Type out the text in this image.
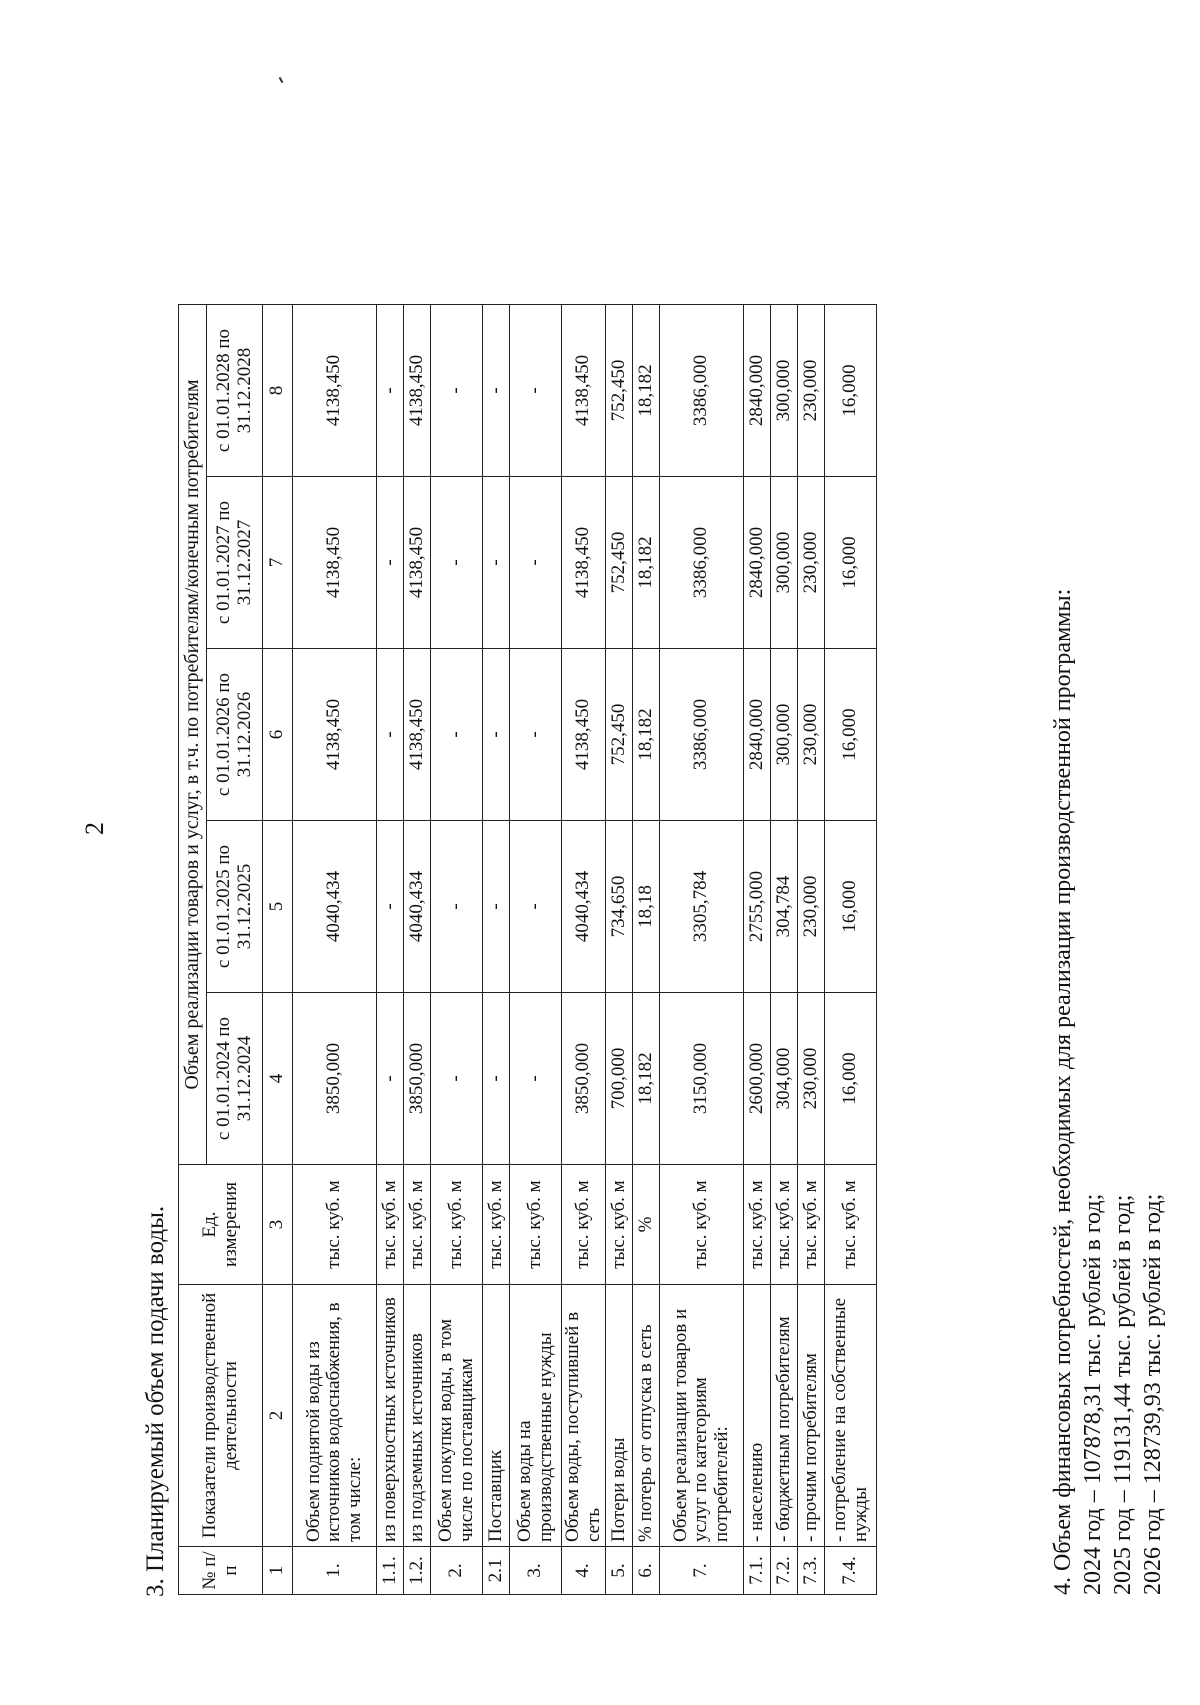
2
3. Планируемый объем подачи воды. № п/п	Показатели производственной деятельности	Ед. измерения	Объем реализации товаров и услуг, в т.ч. по потребителям/конечным потребителям				
			с 01.01.2024 по 31.12.2024	с 01.01.2025 по 31.12.2025	с 01.01.2026 по 31.12.2026	с 01.01.2027 по 31.12.2027	с 01.01.2028 по 31.12.2028
1	2	3	4	5	6	7	8
1.	Объем поднятой воды из источников водоснабжения, в том числе:	тыс. куб. м	3850,000	4040,434	4138,450	4138,450	4138,450
1.1.	из поверхностных источников	тыс. куб. м	-	-	-	-	-
1.2.	из подземных источников	тыс. куб. м	3850,000	4040,434	4138,450	4138,450	4138,450
2.	Объем покупки воды, в том числе по поставщикам	тыс. куб. м	-	-	-	-	-
2.1	Поставщик	тыс. куб. м	-	-	-	-	-
3.	Объем воды на производственные нужды	тыс. куб. м	-	-	-	-	-
4.	Объем воды, поступившей в сеть	тыс. куб. м	3850,000	4040,434	4138,450	4138,450	4138,450
5.	Потери воды	тыс. куб. м	700,000	734,650	752,450	752,450	752,450
6.	% потерь от отпуска в сеть	%	18,182	18,18	18,182	18,182	18,182
7.	Объем реализации товаров и услуг по категориям потребителей:	тыс. куб. м	3150,000	3305,784	3386,000	3386,000	3386,000
7.1.	- населению	тыс. куб. м	2600,000	2755,000	2840,000	2840,000	2840,000
7.2.	- бюджетным потребителям	тыс. куб. м	304,000	304,784	300,000	300,000	300,000
7.3.	- прочим потребителям	тыс. куб. м	230,000	230,000	230,000	230,000	230,000
7.4.	- потребление на собственные нужды	тыс. куб. м	16,000	16,000	16,000	16,000	16,000
4. Объем финансовых потребностей, необходимых для реализации производственной программы: 2024 год – 107878,31 тыс. рублей в год; 2025 год – 119131,44 тыс. рублей в год; 2026 год – 128739,93 тыс. рублей в год;
